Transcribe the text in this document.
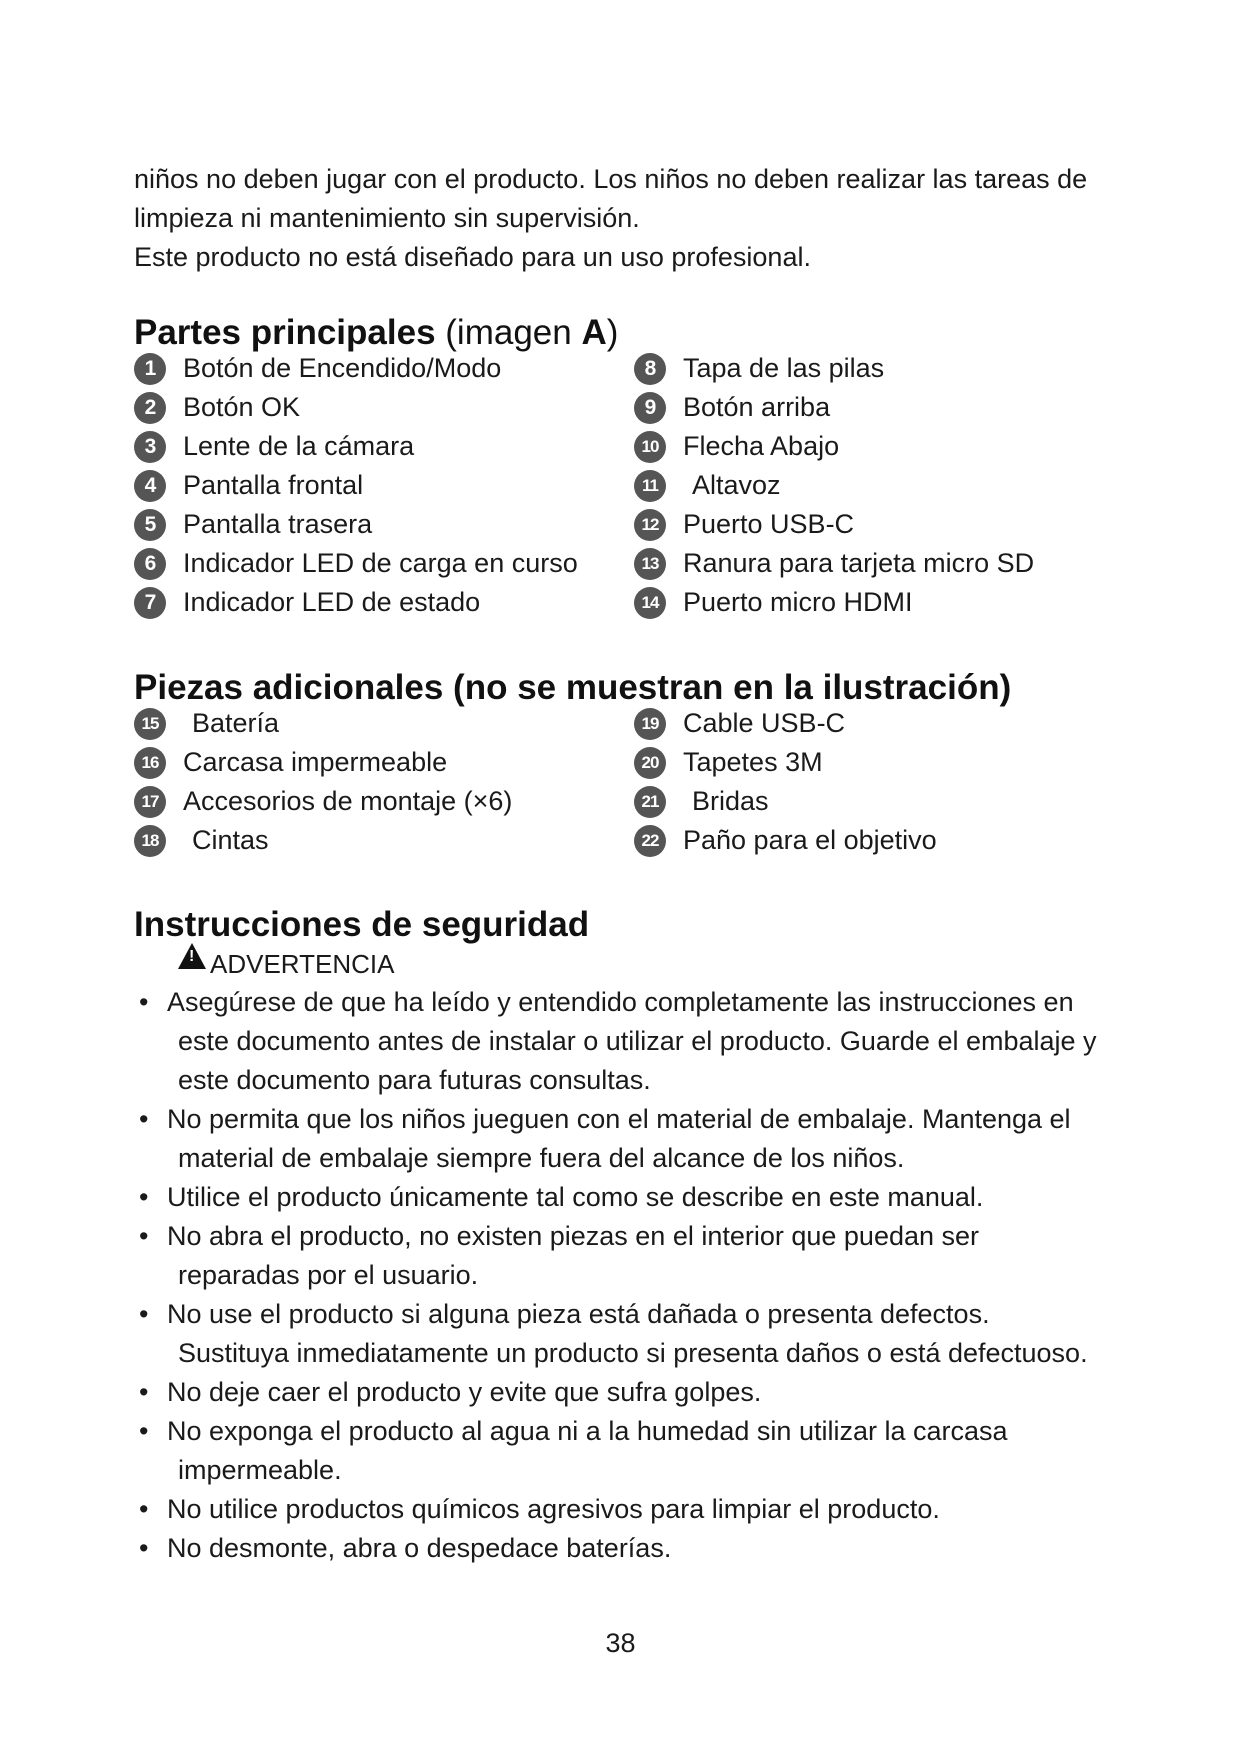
niños no deben jugar con el producto. Los niños no deben realizar las tareas de

limpieza ni mantenimiento sin supervisión.

Este producto no está diseñado para un uso profesional.

Partes principales (imagen A)
1	Botón de Encendido/Modo
2	Botón OK
3	Lente de la cámara
4	Pantalla frontal
5	Pantalla trasera
6	Indicador LED de carga en curso
7	Indicador LED de estado
8	Tapa de las pilas
9	Botón arriba
10 Flecha Abajo
11	Altavoz
12 Puerto USB-C
13 Ranura para tarjeta micro SD
14 Puerto micro HDMI
Piezas adicionales (no se muestran en la ilustración)
15	Batería
16 Carcasa impermeable
17 Accesorios de montaje (×6)
18	Cintas
19 Cable USB-C
20 Tapetes 3M
21	Bridas
22 Paño para el objetivo
Instrucciones de seguridad
!
ADVERTENCIA
• Asegúrese de que ha leído y entendido completamente las instrucciones en
este documento antes de instalar o utilizar el producto. Guarde el embalaje y
este documento para futuras consultas.
• No permita que los niños jueguen con el material de embalaje. Mantenga el
material de embalaje siempre fuera del alcance de los niños.
• Utilice el producto únicamente tal como se describe en este manual.
• No abra el producto, no existen piezas en el interior que puedan ser
reparadas por el usuario.
• No use el producto si alguna pieza está dañada o presenta defectos.
Sustituya inmediatamente un producto si presenta daños o está defectuoso.
• No deje caer el producto y evite que sufra golpes.
• No exponga el producto al agua ni a la humedad sin utilizar la carcasa
impermeable.
• No utilice productos químicos agresivos para limpiar el producto.
• No desmonte, abra o despedace baterías.
38
